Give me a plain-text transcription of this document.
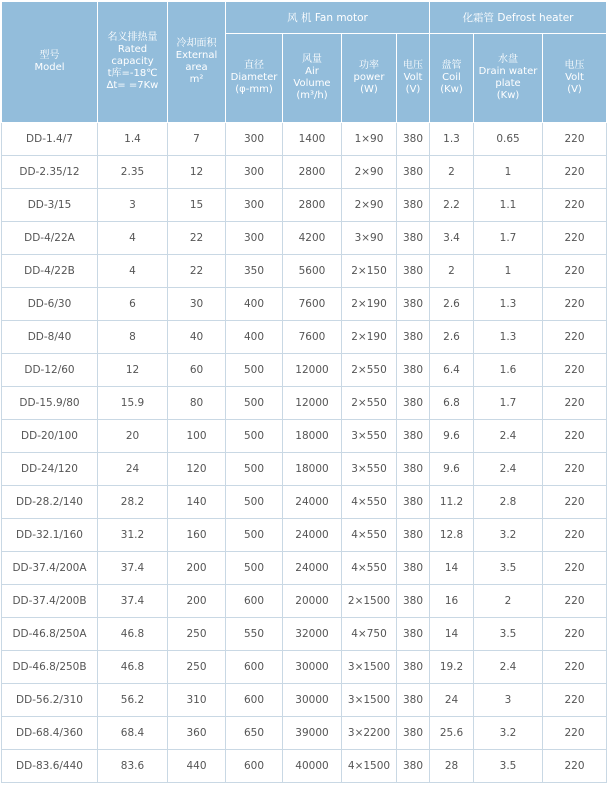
型号
Model	名义排热量
Rated
capacity
t库=-18℃
∆t= =7Kw	冷却面积
External
area
m²	风 机 Fan motor				化霜管 Defrost heater		
			直径
Diameter
(φ-mm)	风量
Air
Volume
(m³/h)	功率
power
(W)	电压
Volt
(V)	盘管
Coil
(Kw)	水盘
Drain water
plate
(Kw)	电压
Volt
(V)
DD-1.4/7	1.4	7	300	1400	1×90	380	1.3	0.65	220
DD-2.35/12	2.35	12	300	2800	2×90	380	2	1	220
DD-3/15	3	15	300	2800	2×90	380	2.2	1.1	220
DD-4/22A	4	22	300	4200	3×90	380	3.4	1.7	220
DD-4/22B	4	22	350	5600	2×150	380	2	1	220
DD-6/30	6	30	400	7600	2×190	380	2.6	1.3	220
DD-8/40	8	40	400	7600	2×190	380	2.6	1.3	220
DD-12/60	12	60	500	12000	2×550	380	6.4	1.6	220
DD-15.9/80	15.9	80	500	12000	2×550	380	6.8	1.7	220
DD-20/100	20	100	500	18000	3×550	380	9.6	2.4	220
DD-24/120	24	120	500	18000	3×550	380	9.6	2.4	220
DD-28.2/140	28.2	140	500	24000	4×550	380	11.2	2.8	220
DD-32.1/160	31.2	160	500	24000	4×550	380	12.8	3.2	220
DD-37.4/200A	37.4	200	500	24000	4×550	380	14	3.5	220
DD-37.4/200B	37.4	200	600	20000	2×1500	380	16	2	220
DD-46.8/250A	46.8	250	550	32000	4×750	380	14	3.5	220
DD-46.8/250B	46.8	250	600	30000	3×1500	380	19.2	2.4	220
DD-56.2/310	56.2	310	600	30000	3×1500	380	24	3	220
DD-68.4/360	68.4	360	650	39000	3×2200	380	25.6	3.2	220
DD-83.6/440	83.6	440	600	40000	4×1500	380	28	3.5	220
